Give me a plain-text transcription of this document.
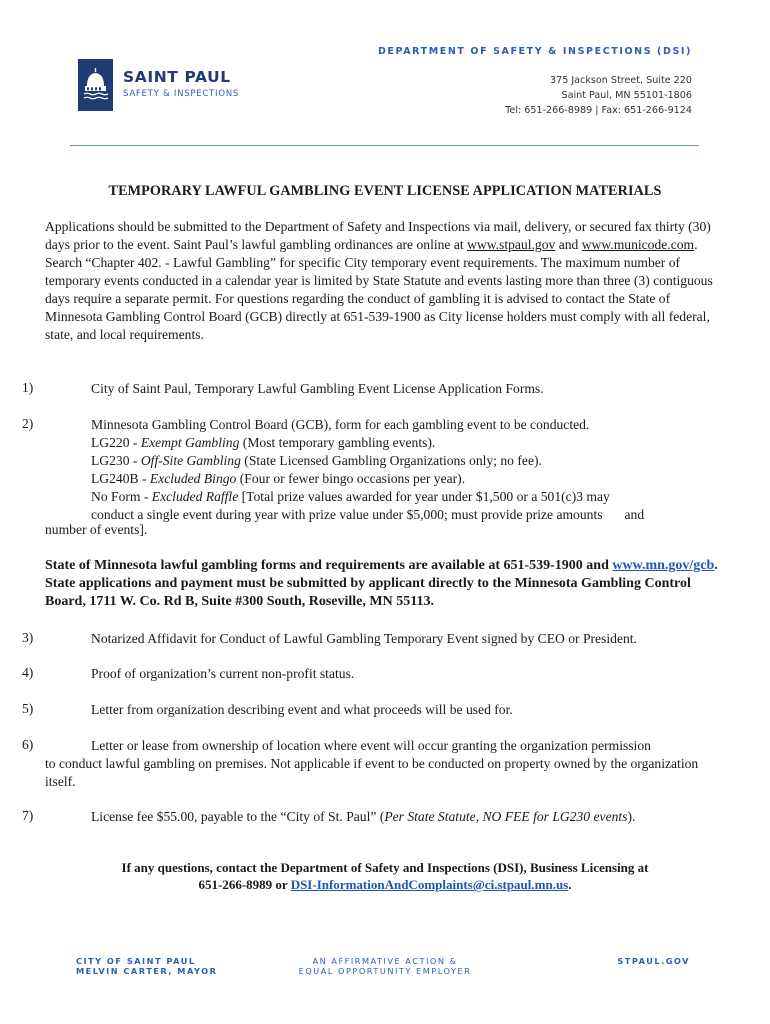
DEPARTMENT OF SAFETY & INSPECTIONS (DSI)
SAINT PAUL
SAFETY & INSPECTIONS
375 Jackson Street, Suite 220
Saint Paul, MN 55101-1806
Tel: 651-266-8989 | Fax: 651-266-9124
TEMPORARY LAWFUL GAMBLING EVENT LICENSE APPLICATION MATERIALS
Applications should be submitted to the Department of Safety and Inspections via mail, delivery, or secured fax thirty (30) days prior to the event. Saint Paul’s lawful gambling ordinances are online at www.stpaul.gov and www.municode.com. Search “Chapter 402. - Lawful Gambling” for specific City temporary event requirements. The maximum number of temporary events conducted in a calendar year is limited by State Statute and events lasting more than three (3) contiguous days require a separate permit. For questions regarding the conduct of gambling it is advised to contact the State of Minnesota Gambling Control Board (GCB) directly at 651-539-1900 as City license holders must comply with all federal, state, and local requirements.
1)	City of Saint Paul, Temporary Lawful Gambling Event License Application Forms.
2)	Minnesota Gambling Control Board (GCB), form for each gambling event to be conducted.
LG220 - Exempt Gambling (Most temporary gambling events).
LG230 - Off-Site Gambling (State Licensed Gambling Organizations only; no fee).
LG240B - Excluded Bingo (Four or fewer bingo occasions per year).
No Form - Excluded Raffle [Total prize values awarded for year under $1,500 or a 501(c)3 may
conduct a single event during year with prize value under $5,000; must provide prize amounts and
number of events].
State of Minnesota lawful gambling forms and requirements are available at 651-539-1900 and www.mn.gov/gcb. State applications and payment must be submitted by applicant directly to the Minnesota Gambling Control Board, 1711 W. Co. Rd B, Suite #300 South, Roseville, MN 55113.
3)	Notarized Affidavit for Conduct of Lawful Gambling Temporary Event signed by CEO or President.
4)	Proof of organization’s current non-profit status.
5)	Letter from organization describing event and what proceeds will be used for.
6)	Letter or lease from ownership of location where event will occur granting the organization permission
to conduct lawful gambling on premises. Not applicable if event to be conducted on property owned by the organization itself.
7)	License fee $55.00, payable to the “City of St. Paul” (Per State Statute, NO FEE for LG230 events).
If any questions, contact the Department of Safety and Inspections (DSI), Business Licensing at
651-266-8989 or DSI-InformationAndComplaints@ci.stpaul.mn.us.
CITY OF SAINT PAUL
MELVIN CARTER, MAYOR
AN AFFIRMATIVE ACTION &
EQUAL OPPORTUNITY EMPLOYER
STPAUL.GOV
